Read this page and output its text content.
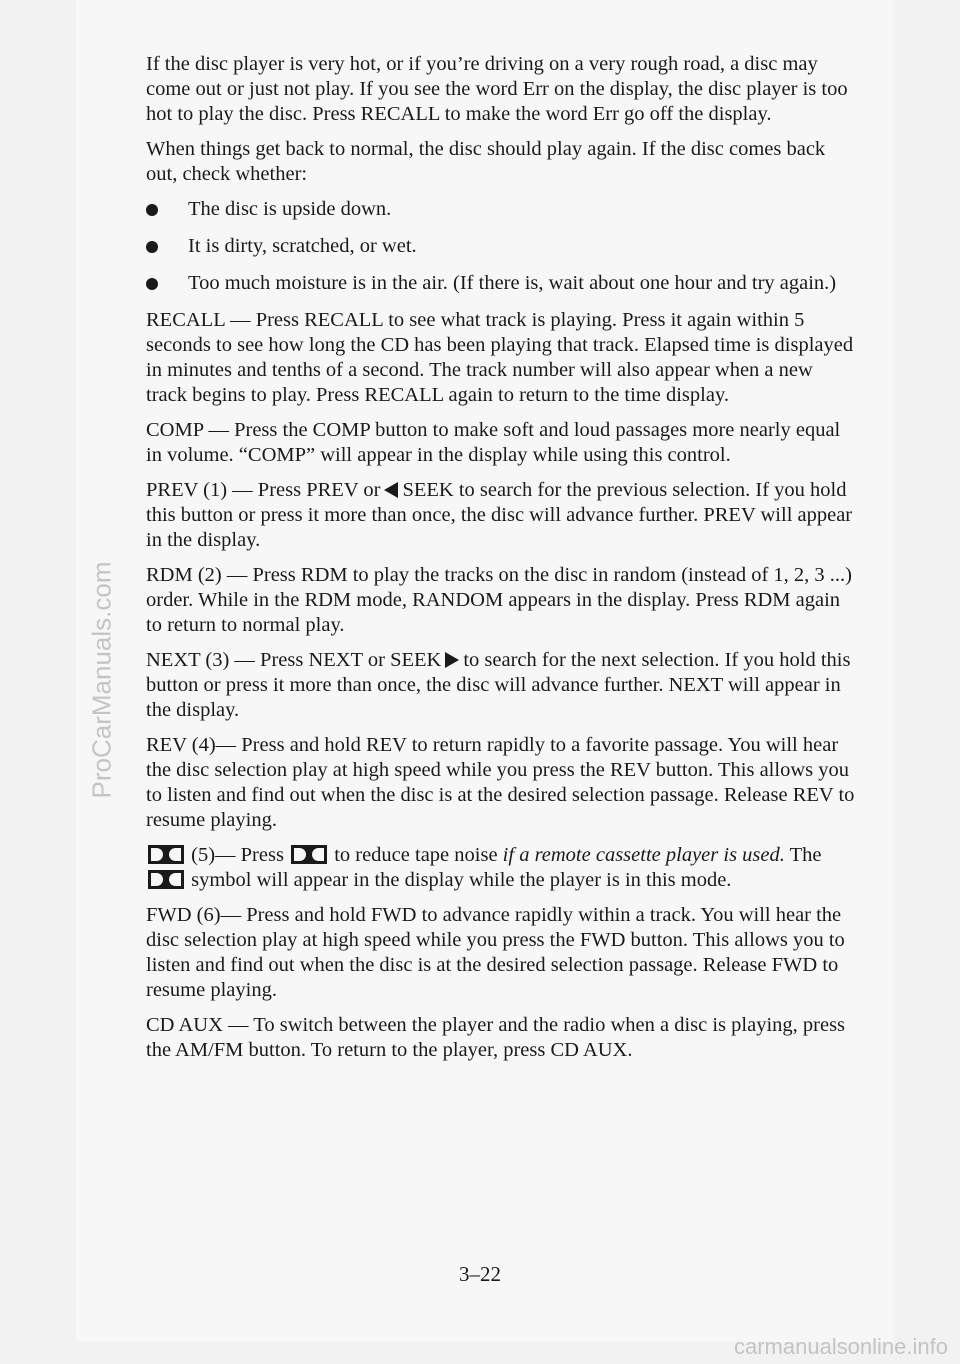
ProCarManuals.com

If the disc player is very hot, or if you’re driving on a very rough road, a disc may come out or just not play. If you see the word Err on the display, the disc player is too hot to play the disc. Press RECALL to make the word Err go off the display.

When things get back to normal, the disc should play again. If the disc comes back out, check whether:

The disc is upside down.
It is dirty, scratched, or wet.
Too much moisture is in the air. (If there is, wait about one hour and try again.)

RECALL — Press RECALL to see what track is playing. Press it again within 5 seconds to see how long the CD has been playing that track. Elapsed time is displayed in minutes and tenths of a second. The track number will also appear when a new track begins to play. Press RECALL again to return to the time display.

COMP — Press the COMP button to make soft and loud passages more nearly equal in volume. “COMP” will appear in the display while using this control.

PREV (1) — Press PREV or SEEK to search for the previous selection. If you hold this button or press it more than once, the disc will advance further. PREV will appear in the display.

RDM (2) — Press RDM to play the tracks on the disc in random (instead of 1, 2, 3 ...) order. While in the RDM mode, RANDOM appears in the display. Press RDM again to return to normal play.

NEXT (3) — Press NEXT or SEEK to search for the next selection. If you hold this button or press it more than once, the disc will advance further. NEXT will appear in the display.

REV (4)— Press and hold REV to return rapidly to a favorite passage. You will hear the disc selection play at high speed while you press the REV button. This allows you to listen and find out when the disc is at the desired selection passage. Release REV to resume playing.

(5)— Press to reduce tape noise if a remote cassette player is used. The  symbol will appear in the display while the player is in this mode.

FWD (6)— Press and hold FWD to advance rapidly within a track. You will hear the disc selection play at high speed while you press the FWD button. This allows you to listen and find out when the disc is at the desired selection passage. Release FWD to resume playing.

CD AUX — To switch between the player and the radio when a disc is playing, press the AM/FM button. To return to the player, press CD AUX.

3–22
carmanualsonline.info
